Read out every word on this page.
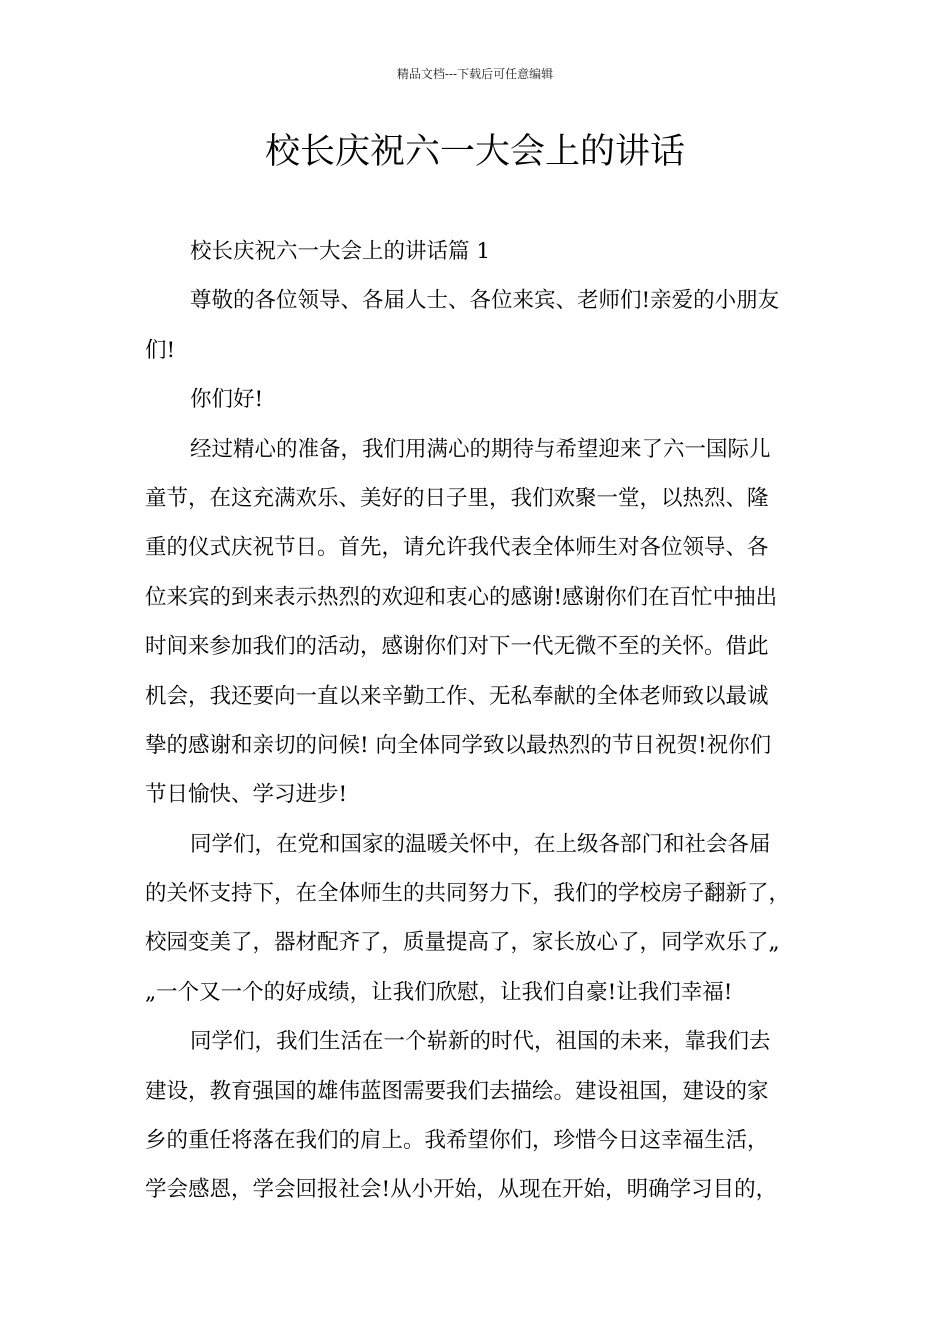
精品文档---下载后可任意编辑
校长庆祝六一大会上的讲话
校长庆祝六一大会上的讲话篇 1
尊敬的各位领导、各届人士、各位来宾、老师们!亲爱的小朋友
们!
你们好!
经过精心的准备，我们用满心的期待与希望迎来了六一国际儿
童节，在这充满欢乐、美好的日子里，我们欢聚一堂，以热烈、隆
重的仪式庆祝节日。首先，请允许我代表全体师生对各位领导、各
位来宾的到来表示热烈的欢迎和衷心的感谢!感谢你们在百忙中抽出
时间来参加我们的活动，感谢你们对下一代无微不至的关怀。借此
机会，我还要向一直以来辛勤工作、无私奉献的全体老师致以最诚
挚的感谢和亲切的问候! 向全体同学致以最热烈的节日祝贺!祝你们
节日愉快、学习进步!
同学们，在党和国家的温暖关怀中，在上级各部门和社会各届
的关怀支持下，在全体师生的共同努力下，我们的学校房子翻新了，
校园变美了，器材配齐了，质量提高了，家长放心了，同学欢乐了„
„一个又一个的好成绩，让我们欣慰，让我们自豪!让我们幸福!
同学们，我们生活在一个崭新的时代，祖国的未来，靠我们去
建设，教育强国的雄伟蓝图需要我们去描绘。建设祖国，建设的家
乡的重任将落在我们的肩上。我希望你们，珍惜今日这幸福生活，
学会感恩，学会回报社会!从小开始，从现在开始，明确学习目的，
